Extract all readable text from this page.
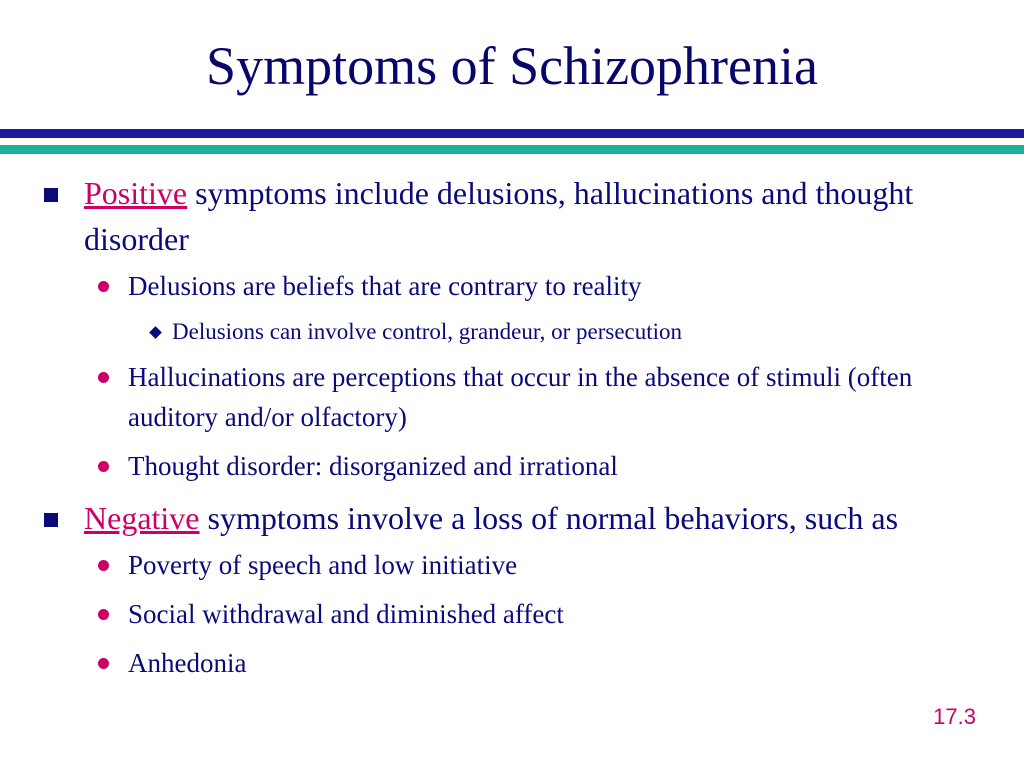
Symptoms of Schizophrenia
Positive symptoms include delusions, hallucinations and thought disorder
Delusions are beliefs that are contrary to reality
Delusions can involve control, grandeur, or persecution
Hallucinations are perceptions that occur in the absence of stimuli (often auditory and/or olfactory)
Thought disorder: disorganized and irrational
Negative symptoms involve a loss of normal behaviors, such as
Poverty of speech and low initiative
Social withdrawal and diminished affect
Anhedonia
17.3
